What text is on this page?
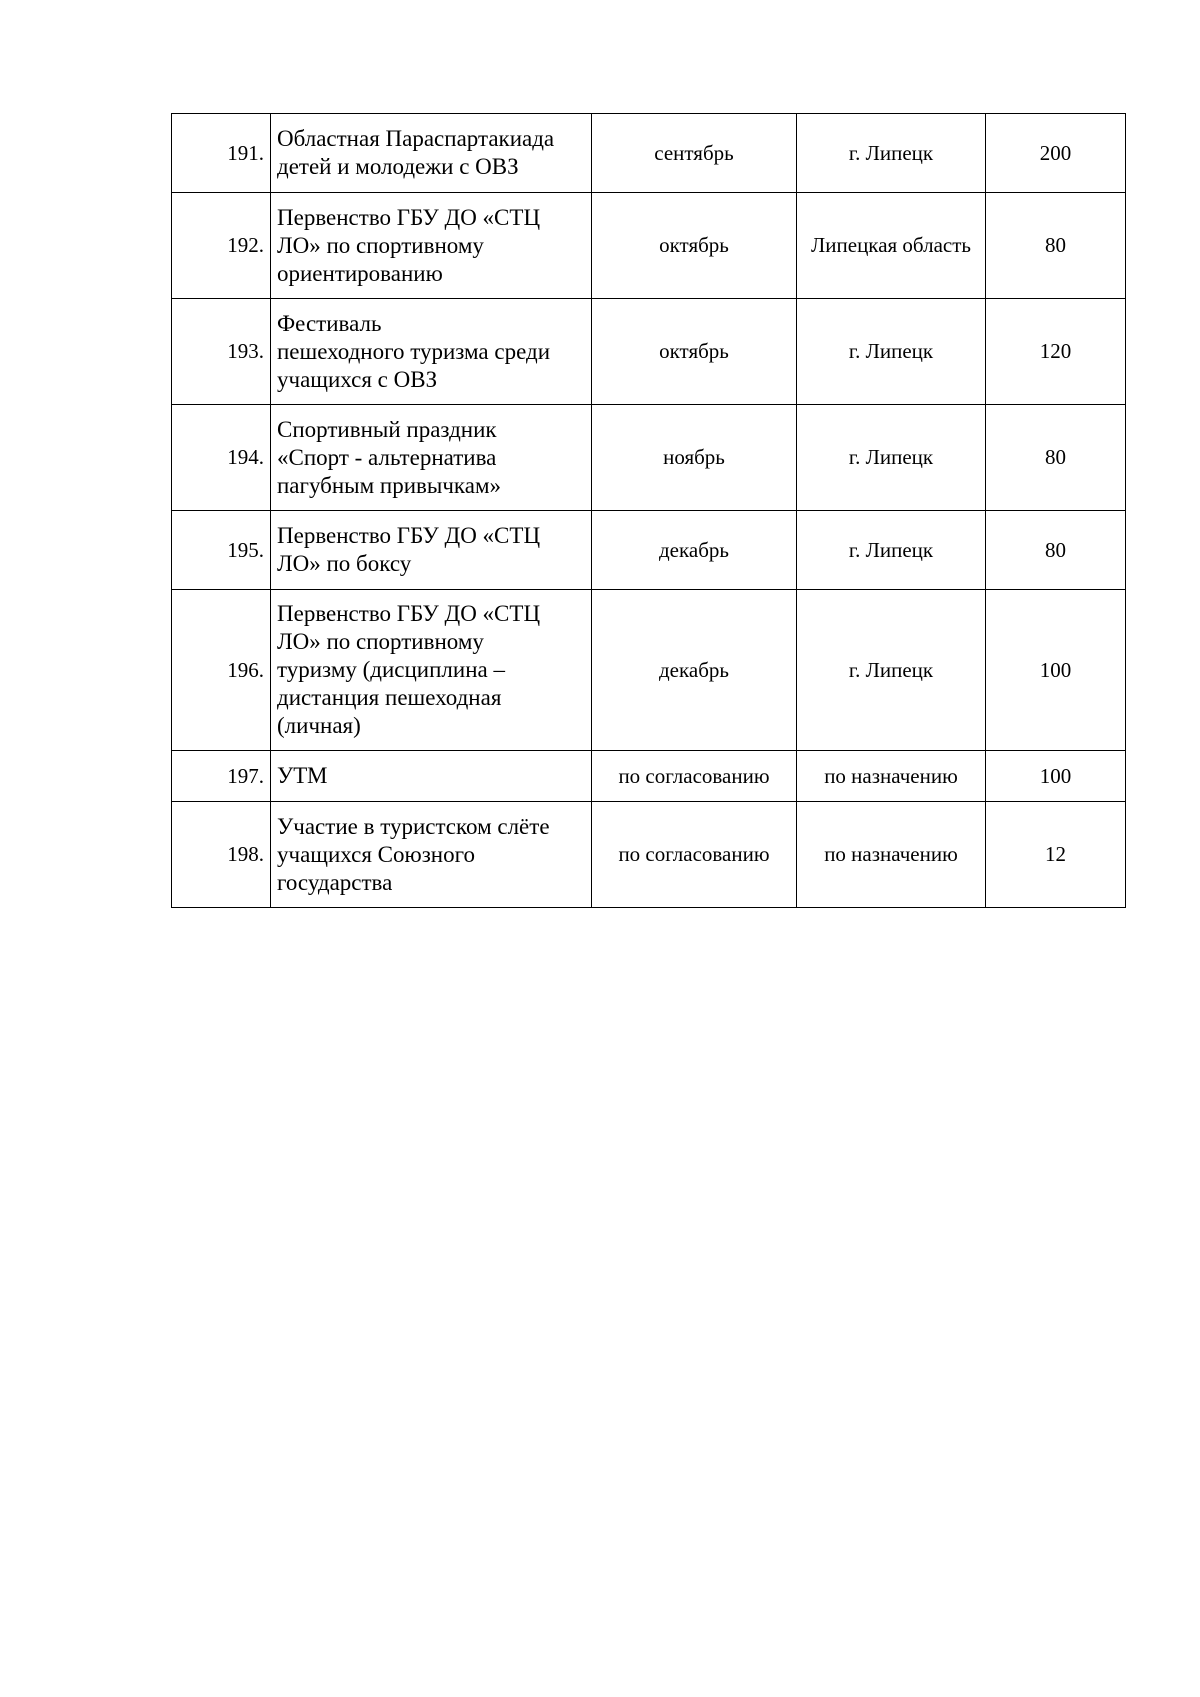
191.	Областная Параспартакиада
детей и молодежи с ОВЗ	сентябрь	г. Липецк	200
192.	Первенство ГБУ ДО «СТЦ
ЛО» по спортивному
ориентированию	октябрь	Липецкая область	80
193.	Фестиваль
пешеходного туризма среди
учащихся с ОВЗ	октябрь	г. Липецк	120
194.	Спортивный праздник
«Спорт - альтернатива
пагубным привычкам»	ноябрь	г. Липецк	80
195.	Первенство ГБУ ДО «СТЦ
ЛО» по боксу	декабрь	г. Липецк	80
196.	Первенство ГБУ ДО «СТЦ
ЛО» по спортивному
туризму (дисциплина –
дистанция пешеходная
(личная)	декабрь	г. Липецк	100
197.	УТМ	по согласованию	по назначению	100
198.	Участие в туристском слёте
учащихся Союзного
государства	по согласованию	по назначению	12
